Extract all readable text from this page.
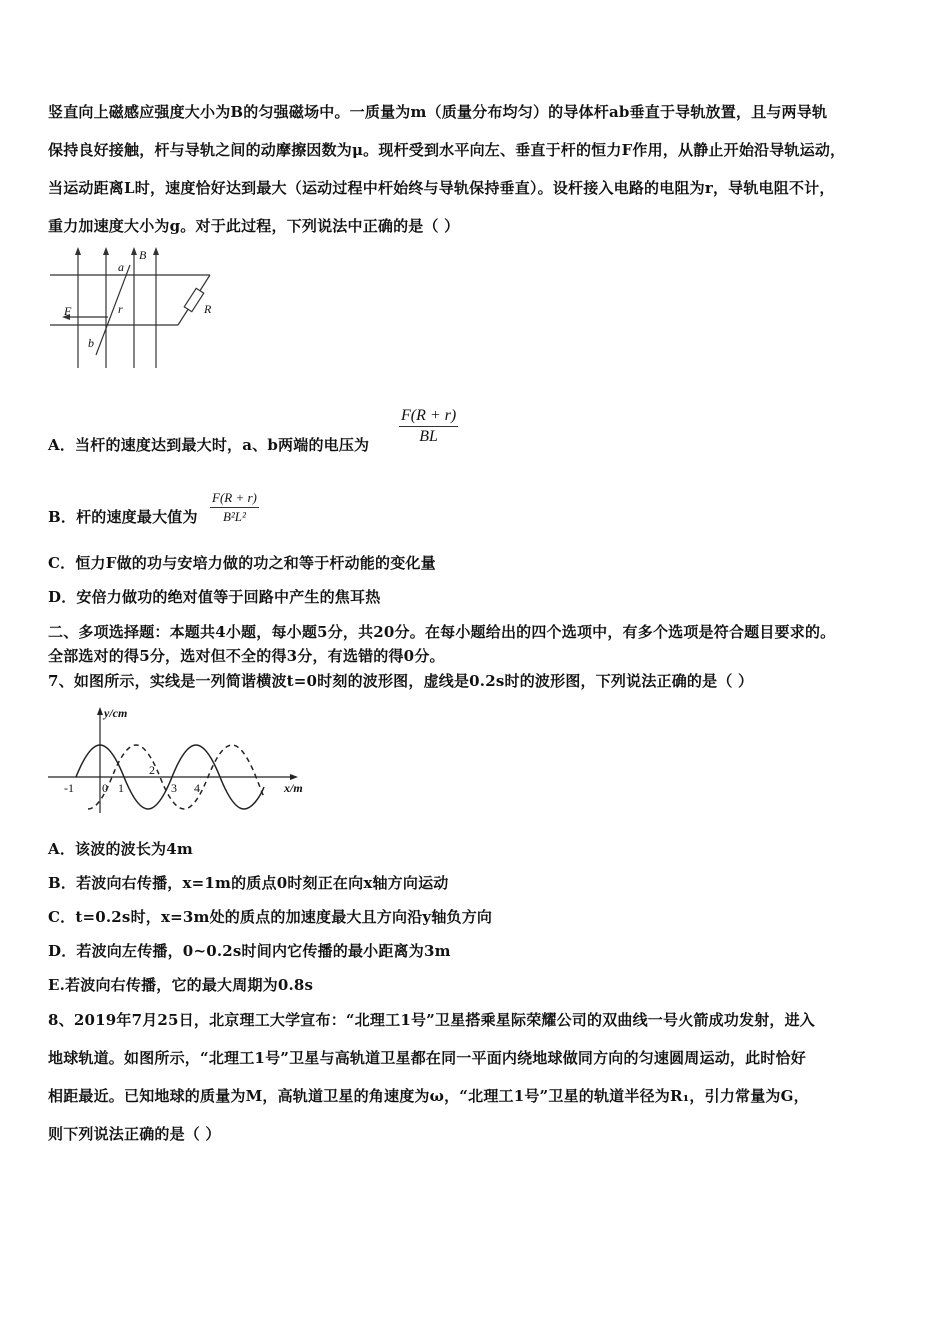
竖直向上磁感应强度大小为B的匀强磁场中。一质量为m（质量分布均匀）的导体杆ab垂直于导轨放置，且与两导轨
保持良好接触，杆与导轨之间的动摩擦因数为μ。现杆受到水平向左、垂直于杆的恒力F作用，从静止开始沿导轨运动，
当运动距离L时，速度恰好达到最大（运动过程中杆始终与导轨保持垂直）。设杆接入电路的电阻为r，导轨电阻不计，
重力加速度大小为g。对于此过程，下列说法中正确的是（ ）
a
B
F	r	R
b
A．当杆的速度达到最大时，a、b两端的电压为 $\frac{F(R + r)}{BL}$
B．杆的速度最大值为 $\frac{F(R + r)}{\text{B²L²}}$
C．恒力F做的功与安培力做的功之和等于杆动能的变化量
D．安倍力做功的绝对值等于回路中产生的焦耳热
二、多项选择题：本题共4小题，每小题5分，共20分。在每小题给出的四个选项中，有多个选项是符合题目要求的。
全部选对的得5分，选对但不全的得3分，有选错的得0分。
7、如图所示，实线是一列简谐横波t=0时刻的波形图，虚线是0.2s时的波形图，下列说法正确的是（ ）
y/cm
x/m
-1 0 1
2
3 4
A．该波的波长为4m
B．若波向右传播，x=1m的质点0时刻正在向x轴方向运动
C．t=0.2s时，x=3m处的质点的加速度最大且方向沿y轴负方向
D．若波向左传播，0~0.2s时间内它传播的最小距离为3m
E.若波向右传播，它的最大周期为0.8s
8、2019年7月25日，北京理工大学宣布：“北理工1号”卫星搭乘星际荣耀公司的双曲线一号火箭成功发射，进入
地球轨道。如图所示，“北理工1号”卫星与高轨道卫星都在同一平面内绕地球做同方向的匀速圆周运动，此时恰好
相距最近。已知地球的质量为M，高轨道卫星的角速度为ω，“北理工1号”卫星的轨道半径为R₁，引力常量为G，
则下列说法正确的是（ ）
